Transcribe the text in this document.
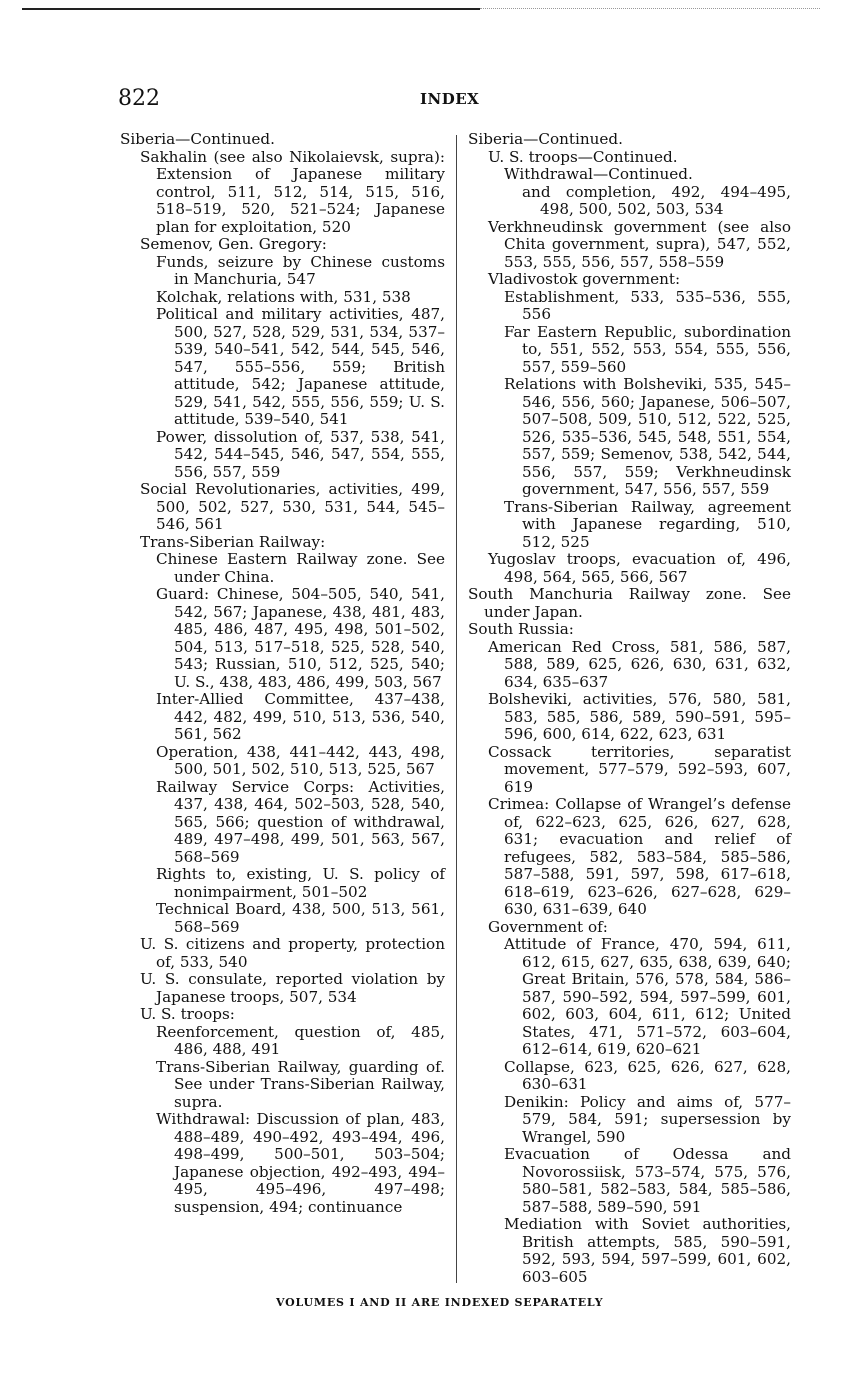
822	INDEX

Siberia—Continued.

Sakhalin (see also Nikolaievsk, supra): Extension of Japanese military control, 511, 512, 514, 515, 516, 518–519, 520, 521–524; Japanese plan for exploitation, 520

Semenov, Gen. Gregory:

Funds, seizure by Chinese customs in Manchuria, 547

Kolchak, relations with, 531, 538

Political and military activities, 487, 500, 527, 528, 529, 531, 534, 537–539, 540–541, 542, 544, 545, 546, 547, 555–556, 559; British attitude, 542; Japanese attitude, 529, 541, 542, 555, 556, 559; U. S. attitude, 539–540, 541

Power, dissolution of, 537, 538, 541, 542, 544–545, 546, 547, 554, 555, 556, 557, 559

Social Revolutionaries, activities, 499, 500, 502, 527, 530, 531, 544, 545–546, 561

Trans-Siberian Railway:

Chinese Eastern Railway zone. See under China.

Guard: Chinese, 504–505, 540, 541, 542, 567; Japanese, 438, 481, 483, 485, 486, 487, 495, 498, 501–502, 504, 513, 517–518, 525, 528, 540, 543; Russian, 510, 512, 525, 540; U. S., 438, 483, 486, 499, 503, 567

Inter-Allied Committee, 437–438, 442, 482, 499, 510, 513, 536, 540, 561, 562

Operation, 438, 441–442, 443, 498, 500, 501, 502, 510, 513, 525, 567

Railway Service Corps: Activities, 437, 438, 464, 502–503, 528, 540, 565, 566; question of withdrawal, 489, 497–498, 499, 501, 563, 567, 568–569

Rights to, existing, U. S. policy of nonimpairment, 501–502

Technical Board, 438, 500, 513, 561, 568–569

U. S. citizens and property, protection of, 533, 540

U. S. consulate, reported violation by Japanese troops, 507, 534

U. S. troops:

Reenforcement, question of, 485, 486, 488, 491

Trans-Siberian Railway, guarding of. See under Trans-Siberian Railway, supra.

Withdrawal: Discussion of plan, 483, 488–489, 490–492, 493–494, 496, 498–499, 500–501, 503–504; Japanese objection, 492–493, 494–495, 495–496, 497–498; suspension, 494; continuance

Siberia—Continued.

U. S. troops—Continued.

Withdrawal—Continued.

and completion, 492, 494–495, 498, 500, 502, 503, 534

Verkhneudinsk government (see also Chita government, supra), 547, 552, 553, 555, 556, 557, 558–559

Vladivostok government:

Establishment, 533, 535–536, 555, 556

Far Eastern Republic, subordination to, 551, 552, 553, 554, 555, 556, 557, 559–560

Relations with Bolsheviki, 535, 545–546, 556, 560; Japanese, 506–507, 507–508, 509, 510, 512, 522, 525, 526, 535–536, 545, 548, 551, 554, 557, 559; Semenov, 538, 542, 544, 556, 557, 559; Verkhneudinsk government, 547, 556, 557, 559

Trans-Siberian Railway, agreement with Japanese regarding, 510, 512, 525

Yugoslav troops, evacuation of, 496, 498, 564, 565, 566, 567

South Manchuria Railway zone. See under Japan.

South Russia:

American Red Cross, 581, 586, 587, 588, 589, 625, 626, 630, 631, 632, 634, 635–637

Bolsheviki, activities, 576, 580, 581, 583, 585, 586, 589, 590–591, 595–596, 600, 614, 622, 623, 631

Cossack territories, separatist movement, 577–579, 592–593, 607, 619

Crimea: Collapse of Wrangel’s defense of, 622–623, 625, 626, 627, 628, 631; evacuation and relief of refugees, 582, 583–584, 585–586, 587–588, 591, 597, 598, 617–618, 618–619, 623–626, 627–628, 629–630, 631–639, 640

Government of:

Attitude of France, 470, 594, 611, 612, 615, 627, 635, 638, 639, 640; Great Britain, 576, 578, 584, 586–587, 590–592, 594, 597–599, 601, 602, 603, 604, 611, 612; United States, 471, 571–572, 603–604, 612–614, 619, 620–621

Collapse, 623, 625, 626, 627, 628, 630–631

Denikin: Policy and aims of, 577–579, 584, 591; supersession by Wrangel, 590

Evacuation of Odessa and Novorossiisk, 573–574, 575, 576, 580–581, 582–583, 584, 585–586, 587–588, 589–590, 591

Mediation with Soviet authorities, British attempts, 585, 590–591, 592, 593, 594, 597–599, 601, 602, 603–605

VOLUMES I AND II ARE INDEXED SEPARATELY
